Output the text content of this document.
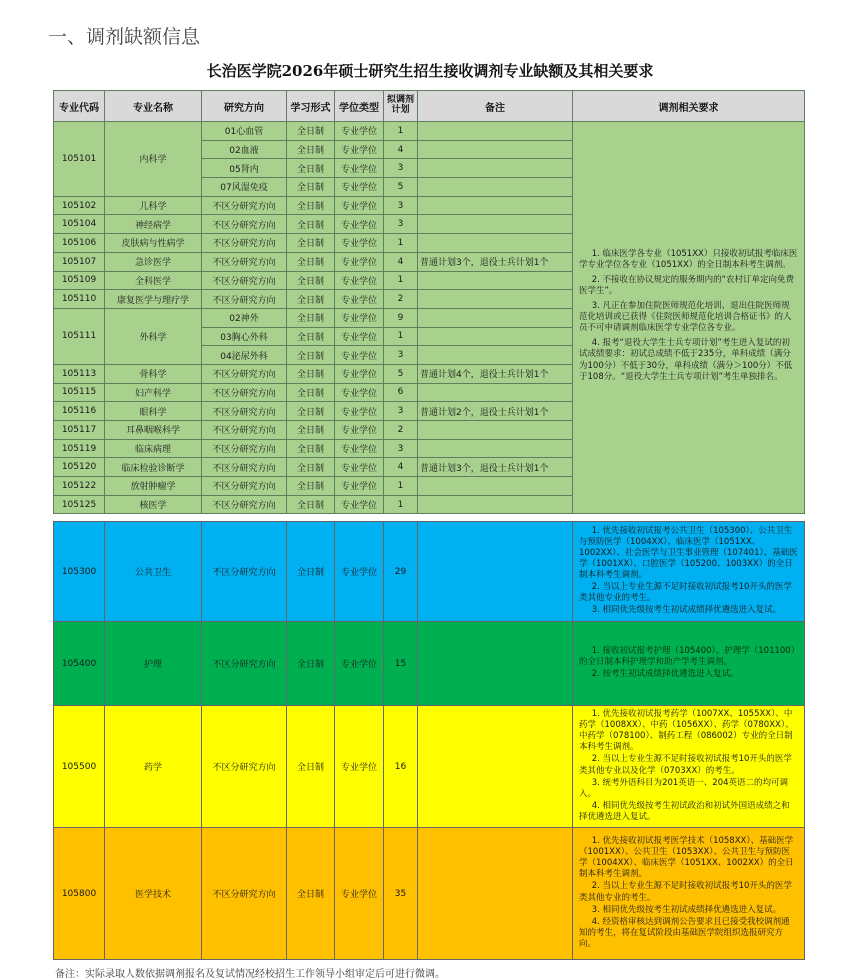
一、调剂缺额信息
长治医学院2026年硕士研究生招生接收调剂专业缺额及其相关要求
专业代码	专业名称	研究方向	学习形式	学位类型	拟调剂计划	备注	调剂相关要求
105101	内科学	01心血管	全日制	专业学位	1		1. 临床医学各专业（1051XX）只接收初试报考临床医学专业学位各专业（1051XX）的全日制本科考生调剂。

2. 不接收在协议规定的服务期内的“农村订单定向免费医学生”。

3. 凡正在参加住院医师规范化培训、退出住院医师规范化培训或已获得《住院医师规范化培训合格证书》的人员不可申请调剂临床医学专业学位各专业。

4. 报考“退役大学生士兵专项计划”考生进入复试的初试成绩要求：初试总成绩不低于235分，单科成绩（满分为100分）不低于30分，单科成绩（满分＞100分）不低于108分。“退役大学生士兵专项计划”考生单独排名。

		02血液	全日制	专业学位	4		
		05肾内	全日制	专业学位	3		
		07风湿免疫	全日制	专业学位	5		
105102	儿科学	不区分研究方向	全日制	专业学位	3		
105104	神经病学	不区分研究方向	全日制	专业学位	3		
105106	皮肤病与性病学	不区分研究方向	全日制	专业学位	1		
105107	急诊医学	不区分研究方向	全日制	专业学位	4	普通计划3个，退役士兵计划1个	
105109	全科医学	不区分研究方向	全日制	专业学位	1		
105110	康复医学与理疗学	不区分研究方向	全日制	专业学位	2		
105111	外科学	02神外	全日制	专业学位	9		
		03胸心外科	全日制	专业学位	1		
		04泌尿外科	全日制	专业学位	3		
105113	骨科学	不区分研究方向	全日制	专业学位	5	普通计划4个，退役士兵计划1个	
105115	妇产科学	不区分研究方向	全日制	专业学位	6		
105116	眼科学	不区分研究方向	全日制	专业学位	3	普通计划2个，退役士兵计划1个	
105117	耳鼻咽喉科学	不区分研究方向	全日制	专业学位	2		
105119	临床病理	不区分研究方向	全日制	专业学位	3		
105120	临床检验诊断学	不区分研究方向	全日制	专业学位	4	普通计划3个，退役士兵计划1个	
105122	放射肿瘤学	不区分研究方向	全日制	专业学位	1		
105125	核医学	不区分研究方向	全日制	专业学位	1		
105300	公共卫生	不区分研究方向	全日制	专业学位	29		1. 优先接收初试报考公共卫生（105300）、公共卫生与预防医学（1004XX）、临床医学（1051XX、1002XX）、社会医学与卫生事业管理（107401）、基础医学（1001XX）、口腔医学（105200、1003XX）的全日制本科考生调剂。

2. 当以上专业生源不足时接收初试报考10开头的医学类其他专业的考生。

3. 相同优先级按考生初试成绩择优遴选进入复试。

105400	护理	不区分研究方向	全日制	专业学位	15		1. 接收初试报考护理（105400）、护理学（101100）的全日制本科护理学和助产学考生调剂。

2. 按考生初试成绩择优遴选进入复试。

105500	药学	不区分研究方向	全日制	专业学位	16		1. 优先接收初试报考药学（1007XX、1055XX）、中药学（1008XX）、中药（1056XX）、药学（0780XX）、中药学（078100）、制药工程（086002）专业的全日制本科考生调剂。

2. 当以上专业生源不足时接收初试报考10开头的医学类其他专业以及化学（0703XX）的考生。

3. 统考外语科目为201英语一、204英语二的均可调入。

4. 相同优先级按考生初试政治和初试外国语成绩之和择优遴选进入复试。

105800	医学技术	不区分研究方向	全日制	专业学位	35		1. 优先接收初试报考医学技术（1058XX）、基础医学（1001XX）、公共卫生（1053XX）、公共卫生与预防医学（1004XX）、临床医学（1051XX、1002XX）的全日制本科考生调剂。

2. 当以上专业生源不足时接收初试报考10开头的医学类其他专业的考生。

3. 相同优先级按考生初试成绩择优遴选进入复试。

4. 经资格审核达到调剂公告要求且已接受我校调剂通知的考生，将在复试阶段由基础医学院组织选报研究方向。

备注：实际录取人数依据调剂报名及复试情况经校招生工作领导小组审定后可进行微调。
